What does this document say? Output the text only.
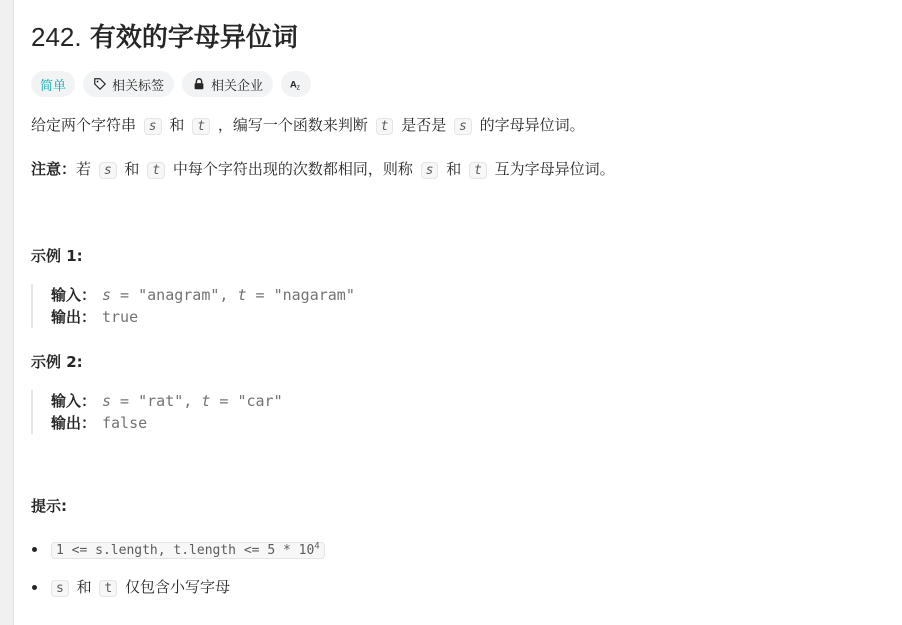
242. 有效的字母异位词
简单	相关标签	相关企业 A z

给定两个字符串 s 和 t ，编写一个函数来判断 t 是否是 s 的字母异位词。

注意：若 s 和 t 中每个字符出现的次数都相同，则称 s 和 t 互为字母异位词。

示例 1:
输入： s = "anagram", t = "nagaram"
输出： true
示例 2:
输入： s = "rat", t = "car"
输出： false
提示:
• 1 <= s.length, t.length <= $5 * 10^4$
• s 和 t 仅包含小写字母
